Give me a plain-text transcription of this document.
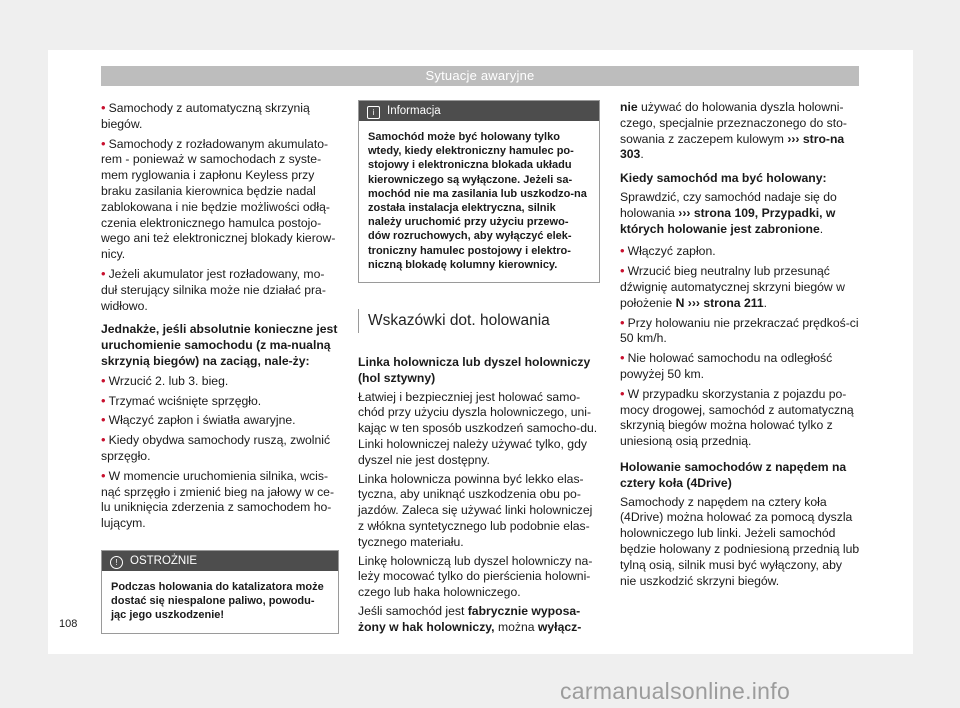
Sytuacje awaryjne

• Samochody z automatyczną skrzynią biegów.

• Samochody z rozładowanym akumulato-rem - ponieważ w samochodach z syste-mem ryglowania i zapłonu Keyless przy braku zasilania kierownica będzie nadal zablokowana i nie będzie możliwości odłą-czenia elektronicznego hamulca postojo-wego ani też elektronicznej blokady kierow-nicy.

• Jeżeli akumulator jest rozładowany, mo-duł sterujący silnika może nie działać pra-widłowo.

Jednakże, jeśli absolutnie konieczne jest uruchomienie samochodu (z ma-nualną skrzynią biegów) na zaciąg, nale-ży:

• Wrzucić 2. lub 3. bieg.

• Trzymać wciśnięte sprzęgło.

• Włączyć zapłon i światła awaryjne.

• Kiedy obydwa samochody ruszą, zwolnić sprzęgło.

• W momencie uruchomienia silnika, wcis-nąć sprzęgło i zmienić bieg na jałowy w ce-lu uniknięcia zderzenia z samochodem ho-lującym.

! OSTROŻNIE
Podczas holowania do katalizatora może dostać się niespalone paliwo, powodu-jąc jego uszkodzenie!
i Informacja
Samochód może być holowany tylko wtedy, kiedy elektroniczny hamulec po-stojowy i elektroniczna blokada układu kierowniczego są wyłączone. Jeżeli sa-mochód nie ma zasilania lub uszkodzo-na została instalacja elektryczna, silnik należy uruchomić przy użyciu przewo-dów rozruchowych, aby wyłączyć elek-troniczny hamulec postojowy i elektro-niczną blokadę kolumny kierownicy.
Wskazówki dot. holowania

Linka holownicza lub dyszel holowniczy (hol sztywny)

Łatwiej i bezpieczniej jest holować samo-chód przy użyciu dyszla holowniczego, uni-kając w ten sposób uszkodzeń samocho-du. Linki holowniczej należy używać tylko, gdy dyszel nie jest dostępny.

Linka holownicza powinna być lekko elas-tyczna, aby uniknąć uszkodzenia obu po-jazdów. Zaleca się używać linki holowniczej z włókna syntetycznego lub podobnie elas-tycznego materiału.

Linkę holowniczą lub dyszel holowniczy na-leży mocować tylko do pierścienia holowni-czego lub haka holowniczego.

Jeśli samochód jest fabrycznie wyposa-żony w hak holowniczy, można wyłącz-

nie używać do holowania dyszla holowni-czego, specjalnie przeznaczonego do sto-sowania z zaczepem kulowym ››› stro-na 303.

Kiedy samochód ma być holowany:

Sprawdzić, czy samochód nadaje się do holowania ››› strona 109, Przypadki, w których holowanie jest zabronione.

• Włączyć zapłon.

• Wrzucić bieg neutralny lub przesunąć dźwignię automatycznej skrzyni biegów w położenie N ››› strona 211.

• Przy holowaniu nie przekraczać prędkoś-ci 50 km/h.

• Nie holować samochodu na odległość powyżej 50 km.

• W przypadku skorzystania z pojazdu po-mocy drogowej, samochód z automatyczną skrzynią biegów można holować tylko z uniesioną osią przednią.

Holowanie samochodów z napędem na cztery koła (4Drive)

Samochody z napędem na cztery koła (4Drive) można holować za pomocą dyszla holowniczego lub linki. Jeżeli samochód będzie holowany z podniesioną przednią lub tylną osią, silnik musi być wyłączony, aby nie uszkodzić skrzyni biegów.

108
carmanualsonline.info
